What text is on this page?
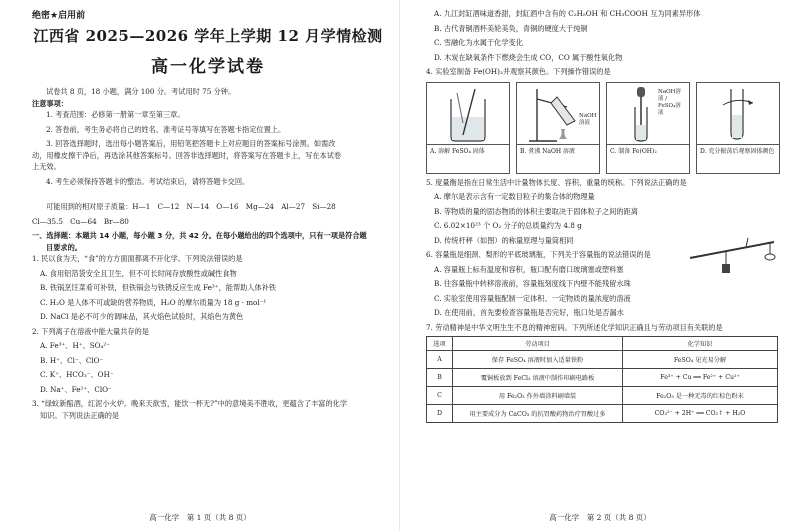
绝密★启用前
江西省 2025—2026 学年上学期 12 月学情检测
高一化学试卷
试卷共 8 页，18 小题，满分 100 分。考试用时 75 分钟。
注意事项：
1. 考查范围：必修第一册第一章至第三章。
2. 答卷前，考生务必将自己的姓名、准考证号等填写在答题卡指定位置上。
3. 回答选择题时，选出每小题答案后，用铅笔把答题卡上对应题目的答案标号涂黑。如需改
动，用橡皮擦干净后，再选涂其他答案标号。回答非选择题时，将答案写在答题卡上，写在本试卷
上无效。
4. 考生必须保持答题卡的整洁。考试结束后，请将答题卡交回。
可能用到的相对原子质量：H—1　C—12　N—14　O—16　Mg—24　Al—27　Si—28
Cl—35.5　Cu—64　Br—80
一、选择题：本题共 14 小题，每小题 3 分，共 42 分。在每小题给出的四个选项中，只有一项是符合题
目要求的。
1. 民以食为天，“食”的方方面面都离不开化学。下列说法错误的是
A. 食用铝箔袋安全且卫生，但不可长时间存放酸性或碱性食物
B. 铁锅烹饪菜肴可补铁，但铁锅会与铁锈反应生成 Fe³⁺，能帮助人体补铁
C. H₂O 是人体不可或缺的营养物质，H₂O 的摩尔质量为 18 g · mol⁻¹
D. NaCl 是必不可少的调味品，其火焰色试验时，其焰色为黄色
2. 下列离子在溶液中能大量共存的是
A. Fe³⁺、H⁺、SO₄²⁻
B. H⁺、Cl⁻、ClO⁻
C. K⁺、HCO₃⁻、OH⁻
D. Na⁺、Fe²⁺、ClO⁻
3. “绿蚁新醅酒，红泥小火炉。晚来天欲雪，能饮一杯无?”中的意境美不胜收，更蕴含了丰富的化学
知识。下列说法正确的是
高一化学　第 1 页（共 8 页）
A. 九江封缸酒味道香甜，封缸酒中含有的 C₂H₅OH 和 CH₃COOH 互为同素异形体
B. 古代青铜酒杯美轮美奂，青铜的硬度大于纯铜
C. 雪融化为水属于化学变化
D. 木炭在缺氧条件下燃烧会生成 CO，CO 属于酸性氧化物
4. 实验室制备 Fe(OH)₂并观察其颜色。下列操作错误的是
A. 溶解 FeSO₄ 固体
NaOH溶液
B. 煮沸 NaOH 溶液
NaOH溶液 / FeSO₄溶液
C. 制备 Fe(OH)₂	D. 充分振荡后观察固体颜色
5. 度量衡是指在日常生活中计量物体长度、容积、重量的统称。下列说法正确的是
A. 摩尔是表示含有一定数目粒子的集合体的物理量
B. 等物质的量的固态物质的体积主要取决于固体粒子之间的距离
C. 6.02×10²³ 个 O₂ 分子的总质量约为 4.8 g
D. 传统杆秤（如图）的称量原理与量筒相同
6. 容量瓶是细颈、梨形的平底玻璃瓶，下列关于容量瓶的说法错误的是
A. 容量瓶上标有温度和容积，瓶口配有磨口玻璃塞或塑料塞
B. 往容量瓶中转移溶液前，容量瓶刻度线下内壁不能残留水珠
C. 实验室使用容量瓶配制一定体积、一定物质的量浓度的溶液
D. 在使用前，首先要检查容量瓶是否完好，瓶口处是否漏水
7. 劳动精神是中华文明生生不息的精神密码。下列所述化学知识正确且与劳动项目有关联的是
选项	劳动项目	化学知识
A	保存 FeSO₄ 溶液时加入适量铁粉	FeSO₄ 见光易分解
B	覆铜板放到 FeCl₃ 溶液中制作印刷电路板	Fe³⁺ + Cu ══ Fe²⁺ + Cu²⁺
C	用 Fe₂O₃ 作外墙涂料刷墙装	Fe₂O₃ 是一种无毒的红棕色粉末
D	用主要成分为 CaCO₃ 的抗胃酸药物治疗胃酸过多	CO₃²⁻ + 2H⁺ ══ CO₂↑ + H₂O
高一化学　第 2 页（共 8 页）
